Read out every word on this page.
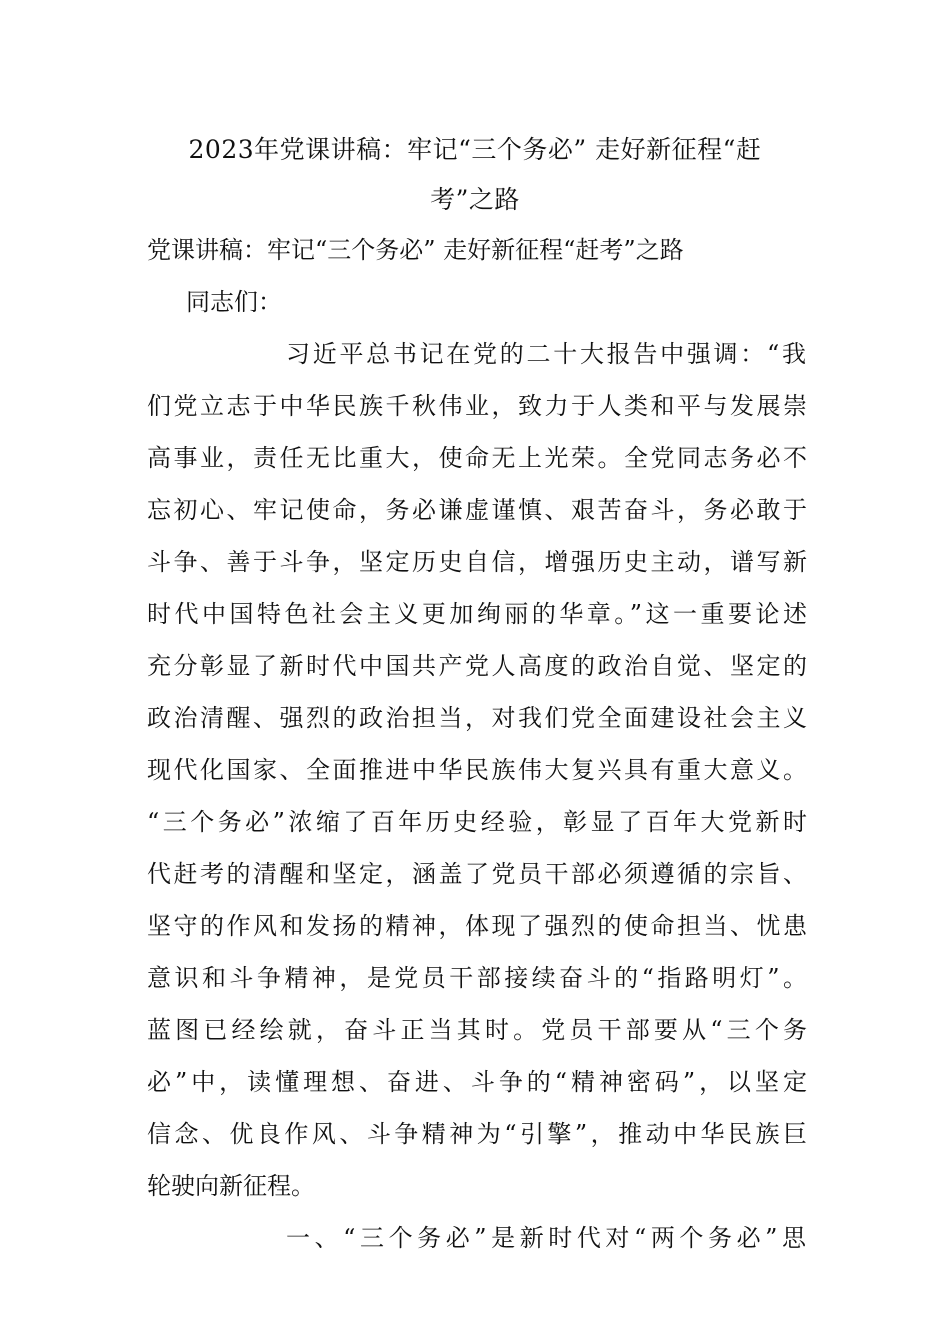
2023年党课讲稿：牢记“三个务必” 走好新征程“赶
考”之路
党课讲稿：牢记“三个务必” 走好新征程“赶考”之路
同志们：
习近平总书记在党的二十大报告中强调：“我
们党立志于中华民族千秋伟业，致力于人类和平与发展崇
高事业，责任无比重大，使命无上光荣。全党同志务必不
忘初心、牢记使命，务必谦虚谨慎、艰苦奋斗，务必敢于
斗争、善于斗争，坚定历史自信，增强历史主动，谱写新
时代中国特色社会主义更加绚丽的华章。”这一重要论述
充分彰显了新时代中国共产党人高度的政治自觉、坚定的
政治清醒、强烈的政治担当，对我们党全面建设社会主义
现代化国家、全面推进中华民族伟大复兴具有重大意义。
“三个务必”浓缩了百年历史经验，彰显了百年大党新时
代赶考的清醒和坚定，涵盖了党员干部必须遵循的宗旨、
坚守的作风和发扬的精神，体现了强烈的使命担当、忧患
意识和斗争精神，是党员干部接续奋斗的“指路明灯”。
蓝图已经绘就，奋斗正当其时。党员干部要从“三个务
必”中，读懂理想、奋进、斗争的“精神密码”，以坚定
信念、优良作风、斗争精神为“引擎”，推动中华民族巨
轮驶向新征程。
一、“三个务必”是新时代对“两个务必”思
